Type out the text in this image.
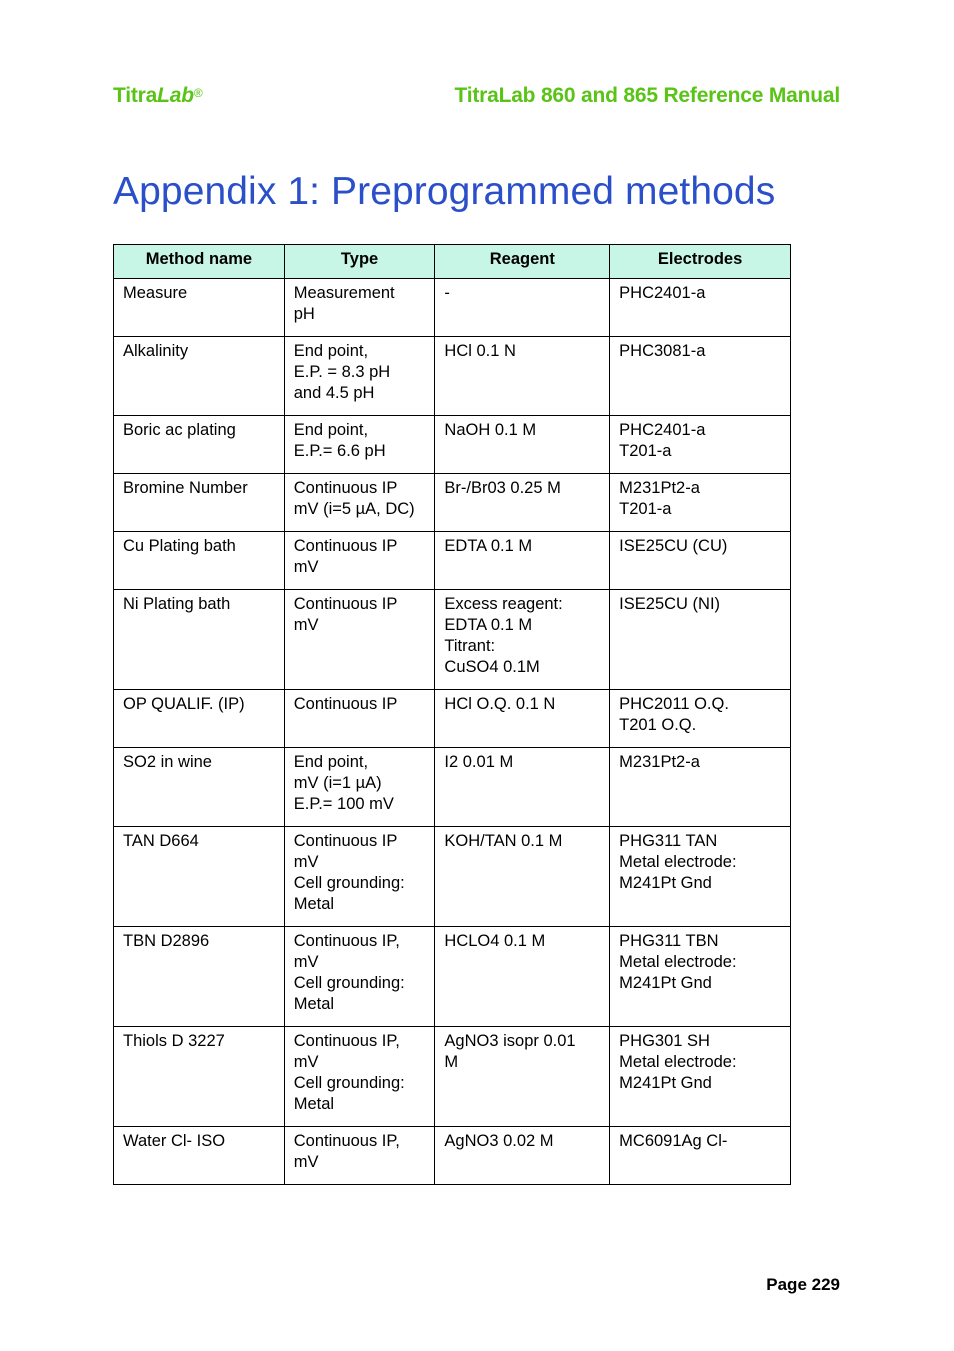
TitraLab®	TitraLab 860 and 865 Reference Manual
Appendix 1: Preprogrammed methods
Method name	Type	Reagent	Electrodes

Measure	Measurement
pH	-	PHC2401-a

Alkalinity	End point,
E.P. = 8.3 pH
and 4.5 pH	HCl 0.1 N	PHC3081-a

Boric ac plating	End point,
E.P.= 6.6 pH	NaOH 0.1 M	PHC2401-a
T201-a

Bromine Number	Continuous IP
mV (i=5 µA, DC)	Br-/Br03 0.25 M	M231Pt2-a
T201-a

Cu Plating bath	Continuous IP
mV	EDTA 0.1 M	ISE25CU (CU)

Ni Plating bath	Continuous IP
mV	Excess reagent:
EDTA 0.1 M
Titrant:
CuSO4 0.1M	ISE25CU (NI)

OP QUALIF. (IP)	Continuous IP	HCl O.Q. 0.1 N	PHC2011 O.Q.
T201 O.Q.

SO2 in wine	End point,
mV (i=1 µA)
E.P.= 100 mV	I2 0.01 M	M231Pt2-a

TAN D664	Continuous IP
mV
Cell grounding:
Metal	KOH/TAN 0.1 M	PHG311 TAN
Metal electrode:
M241Pt Gnd

TBN D2896	Continuous IP,
mV
Cell grounding:
Metal	HCLO4 0.1 M	PHG311 TBN
Metal electrode:
M241Pt Gnd

Thiols D 3227	Continuous IP,
mV
Cell grounding:
Metal	AgNO3 isopr 0.01
M	PHG301 SH
Metal electrode:
M241Pt Gnd

Water Cl- ISO	Continuous IP,
mV	AgNO3 0.02 M	MC6091Ag Cl-
Page 229
